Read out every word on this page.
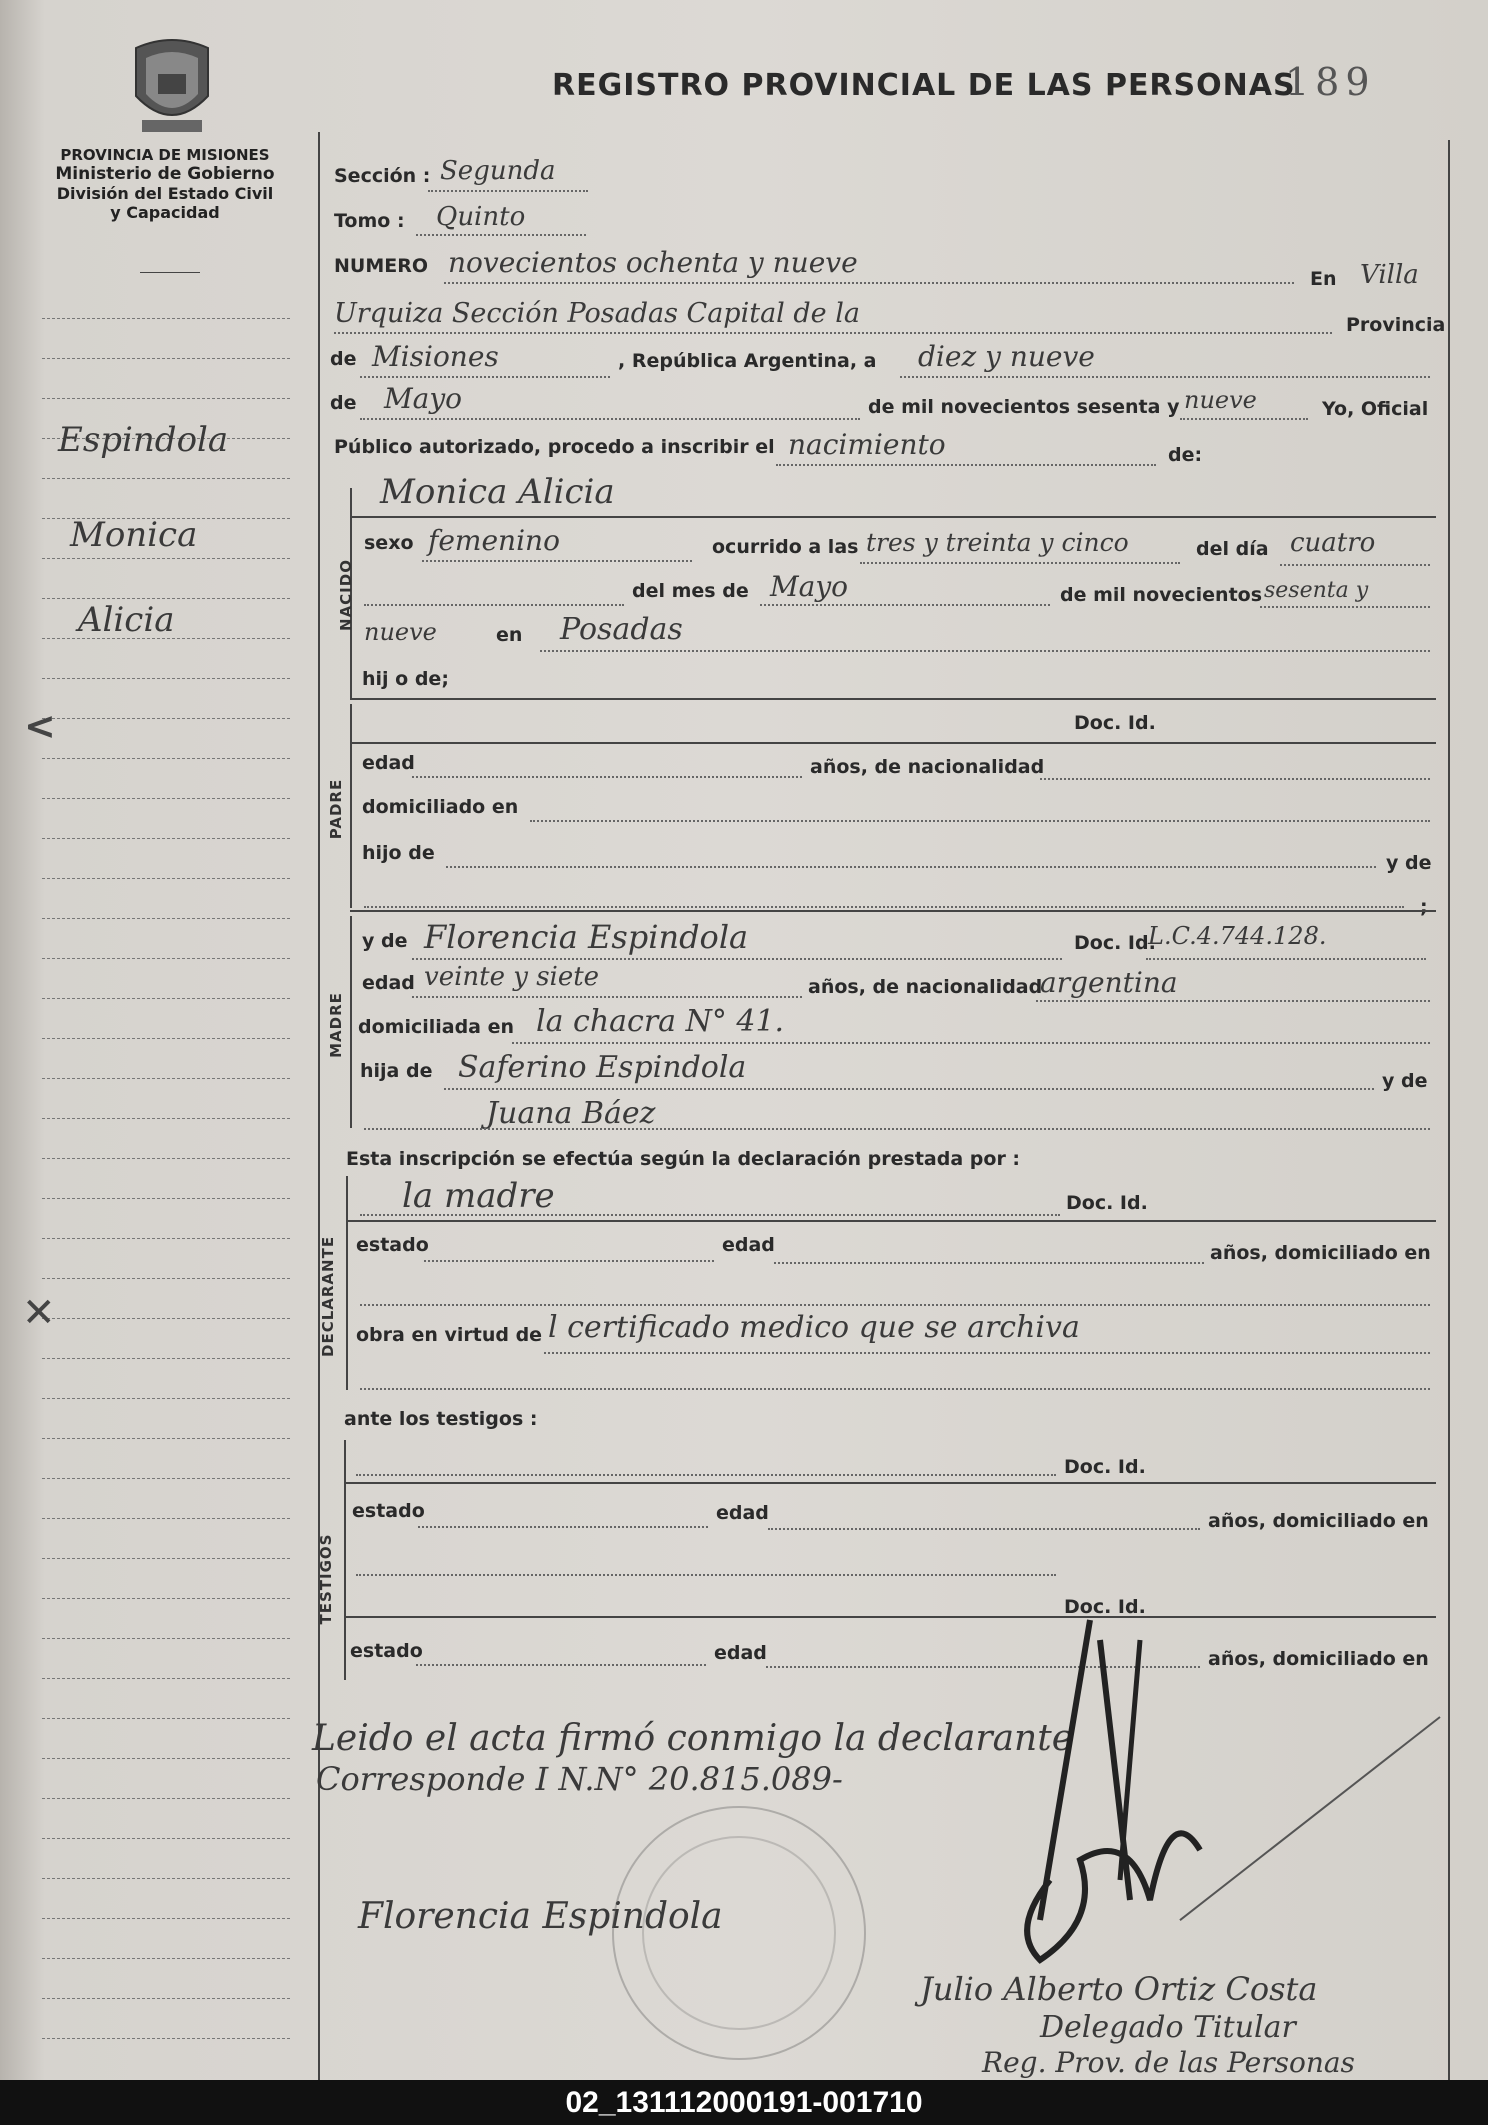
PROVINCIA DE MISIONES
Ministerio de Gobierno
División del Estado Civil
y Capacidad
REGISTRO PROVINCIAL DE LAS PERSONAS
189
Espindola
Monica
Alicia
Sección : Segunda
Tomo : Quinto
NUMERO novecientos ochenta y nueve	En Villa
Urquiza Sección Posadas Capital de la	Provincia
de Misiones	, República Argentina, a diez y nueve
de Mayo	de mil novecientos sesenta y nueve	Yo, Oficial
Público autorizado, procedo a inscribir el nacimiento	de:
NACIDO
Monica Alicia
sexo femenino	ocurrido a las tres y treinta y cinco	del día cuatro
del mes de Mayo	de mil novecientos sesenta y
nueve	en Posadas
hij o de;
PADRE
Doc. Id.
edad	años, de nacionalidad
domiciliado en
hijo de	y de
;
MADRE
y de Florencia Espindola	Doc. Id.
L.C.4.744.128.
edad veinte y siete	años, de nacionalidad
argentina
domiciliada en la chacra N° 41.
hija de Saferino Espindola	y de
Juana Báez
Esta inscripción se efectúa según la declaración prestada por :
DECLARANTE
la madre	Doc. Id.
estado	edad	años, domiciliado en
obra en virtud de l certificado medico que se archiva
ante los testigos :
TESTIGOS
Doc. Id.
estado	edad	años, domiciliado en
Doc. Id.
estado	edad	años, domiciliado en
Leido el acta firmó conmigo la declarante
Corresponde I N.N° 20.815.089-
Florencia Espindola
Julio Alberto Ortiz Costa
Delegado Titular
Reg. Prov. de las Personas
<
✕
02_131112000191-001710
